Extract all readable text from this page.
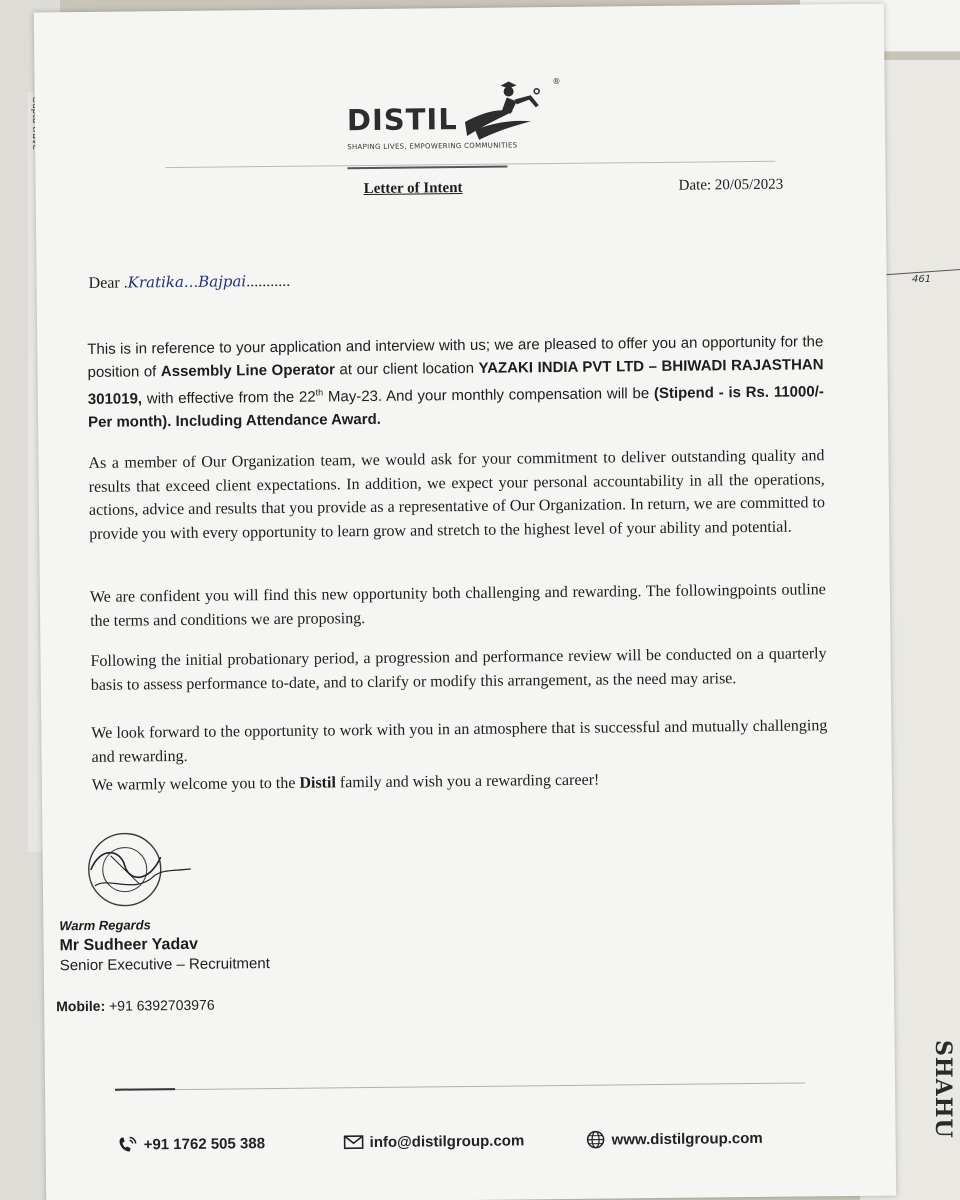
461
SHAHU
DISTIL
®
SHAPING LIVES, EMPOWERING COMMUNITIES
Letter of Intent	Date: 20/05/2023
Dear .Kratika...Bajpai...........
This is in reference to your application and interview with us; we are pleased to offer you an opportunity for the position of Assembly Line Operator at our client location YAZAKI INDIA PVT LTD – BHIWADI RAJASTHAN 301019, with effective from the 22th May-23. And your monthly compensation will be (Stipend - is Rs. 11000/- Per month). Including Attendance Award.
As a member of Our Organization team, we would ask for your commitment to deliver outstanding quality and results that exceed client expectations. In addition, we expect your personal accountability in all the operations, actions, advice and results that you provide as a representative of Our Organization. In return, we are committed to provide you with every opportunity to learn grow and stretch to the highest level of your ability and potential.
We are confident you will find this new opportunity both challenging and rewarding. The followingpoints outline the terms and conditions we are proposing.
Following the initial probationary period, a progression and performance review will be conducted on a quarterly basis to assess performance to-date, and to clarify or modify this arrangement, as the need may arise.
We look forward to the opportunity to work with you in an atmosphere that is successful and mutually challenging and rewarding.
We warmly welcome you to the Distil family and wish you a rewarding career!
Warm Regards
Mr Sudheer Yadav
Senior Executive – Recruitment
Mobile: +91 6392703976
+91 1762 505 388	info@distilgroup.com	www.distilgroup.com
